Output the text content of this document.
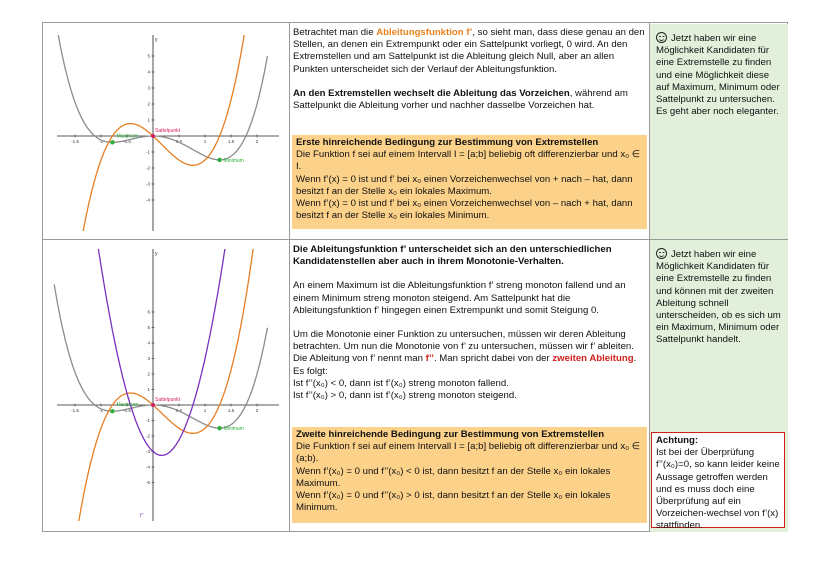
y
-1.5	-1	-0.5	0.5	1	1.5	2
5
4
3
2
1
-1
-2
-3
-4
Maximum
Minimum
Sattelpunkt

Betrachtet man die Ableitungsfunktion f’, so sieht man, dass diese genau an den Stellen, an denen ein Extrempunkt oder ein Sattelpunkt vorliegt, 0 wird. An den Extremstellen und am Sattelpunkt ist die Ableitung gleich Null, aber an allen Punkten unterscheidet sich der Verlauf der Ableitungsfunktion.

An den Extremstellen wechselt die Ableitung das Vorzeichen, während am Sattelpunkt die Ableitung vorher und nachher dasselbe Vorzeichen hat.

Erste hinreichende Bedingung zur Bestimmung von Extremstellen

Die Funktion f sei auf einem Intervall I = [a;b] beliebig oft differenzierbar und x₀ ∈ I.

Wenn f’(x) = 0 ist und f’ bei x₀ einen Vorzeichenwechsel von + nach – hat, dann besitzt f an der Stelle x₀ ein lokales Maximum.

Wenn f’(x) = 0 ist und f’ bei x₀ einen Vorzeichenwechsel von – nach + hat, dann besitzt f an der Stelle x₀ ein lokales Minimum.

Jetzt haben wir eine Möglichkeit Kandidaten für eine Extremstelle zu finden und eine Möglichkeit diese auf Maximum, Minimum oder Sattelpunkt zu untersuchen. Es geht aber noch eleganter.

y
-1.5	-1	-0.5	0.5	1	1.5	2
6
5
4
3
2
1
-1
-2
-3
-4
-5
Maximum
Minimum
Sattelpunkt
f’’

Die Ableitungsfunktion f’ unterscheidet sich an den unterschiedlichen Kandidatenstellen aber auch in ihrem Monotonie-Verhalten.

An einem Maximum ist die Ableitungsfunktion f’ streng monoton fallend und an einem Minimum streng monoton steigend. Am Sattelpunkt hat die Ableitungsfunktion f’ hingegen einen Extrempunkt und somit Steigung 0.

Um die Monotonie einer Funktion zu untersuchen, müssen wir deren Ableitung betrachten. Um nun die Monotonie von f’ zu untersuchen, müssen wir f’ ableiten. Die Ableitung von f’ nennt man f’’. Man spricht dabei von der zweiten Ableitung. Es folgt:

Ist f’’(x₀) < 0, dann ist f’(x₀) streng monoton fallend.

Ist f’’(x₀) > 0, dann ist f’(x₀) streng monoton steigend.

Zweite hinreichende Bedingung zur Bestimmung von Extremstellen

Die Funktion f sei auf einem Intervall I = [a;b] beliebig oft differenzierbar und x₀ ∈ (a;b).

Wenn f’(x₀) = 0 und f’’(x₀) < 0 ist, dann besitzt f an der Stelle x₀ ein lokales Maximum.

Wenn f’(x₀) = 0 und f’’(x₀) > 0 ist, dann besitzt f an der Stelle x₀ ein lokales Minimum.

Jetzt haben wir eine Möglichkeit Kandidaten für eine Extremstelle zu finden und können mit der zweiten Ableitung schnell unterscheiden, ob es sich um ein Maximum, Minimum oder Sattelpunkt handelt.

Achtung:

Ist bei der Überprüfung f’’(x₀)=0, so kann leider keine Aussage getroffen werden und es muss doch eine Überprüfung auf ein Vorzeichen-wechsel von f’(x) stattfinden.
